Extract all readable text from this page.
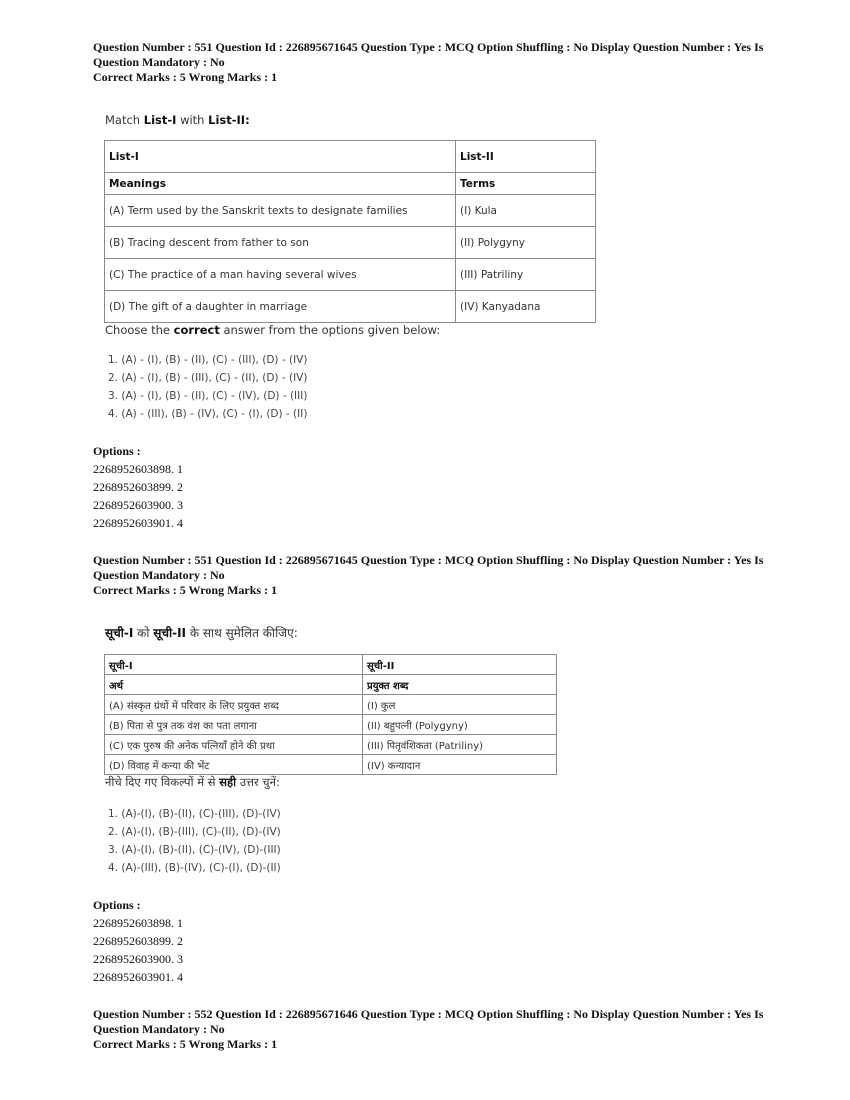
Question Number : 551 Question Id : 226895671645 Question Type : MCQ Option Shuffling : No Display Question Number : Yes Is
Question Mandatory : No
Correct Marks : 5 Wrong Marks : 1
Match List-I with List-II:
List-I	List-II
Meanings	Terms
(A) Term used by the Sanskrit texts to designate families	(I) Kula
(B) Tracing descent from father to son	(II) Polygyny
(C) The practice of a man having several wives	(III) Patriliny
(D) The gift of a daughter in marriage	(IV) Kanyadana
Choose the correct answer from the options given below:
1. (A) - (I), (B) - (II), (C) - (III), (D) - (IV)
2. (A) - (I), (B) - (III), (C) - (II), (D) - (IV)
3. (A) - (I), (B) - (II), (C) - (IV), (D) - (III)
4. (A) - (III), (B) - (IV), (C) - (I), (D) - (II)
Options :
2268952603898. 1
2268952603899. 2
2268952603900. 3
2268952603901. 4
Question Number : 551 Question Id : 226895671645 Question Type : MCQ Option Shuffling : No Display Question Number : Yes Is
Question Mandatory : No
Correct Marks : 5 Wrong Marks : 1
सूची-I को सूची-II के साथ सुमेलित कीजिए:
सूची-I	सूची-II
अर्थ	प्रयुक्त शब्द
(A) संस्कृत ग्रंथों में परिवार के लिए प्रयुक्त शब्द	(I) कुल
(B) पिता से पुत्र तक वंश का पता लगाना	(II) बहुपत्नी (Polygyny)
(C) एक पुरुष की अनेक पत्नियाँ होने की प्रथा	(III) पितृवंशिकता (Patriliny)
(D) विवाह में कन्या की भेंट	(IV) कन्यादान
नीचे दिए गए विकल्पों में से सही उत्तर चुनें:
1. (A)-(I), (B)-(II), (C)-(III), (D)-(IV)
2. (A)-(I), (B)-(III), (C)-(II), (D)-(IV)
3. (A)-(I), (B)-(II), (C)-(IV), (D)-(III)
4. (A)-(III), (B)-(IV), (C)-(I), (D)-(II)
Options :
2268952603898. 1
2268952603899. 2
2268952603900. 3
2268952603901. 4
Question Number : 552 Question Id : 226895671646 Question Type : MCQ Option Shuffling : No Display Question Number : Yes Is
Question Mandatory : No
Correct Marks : 5 Wrong Marks : 1
